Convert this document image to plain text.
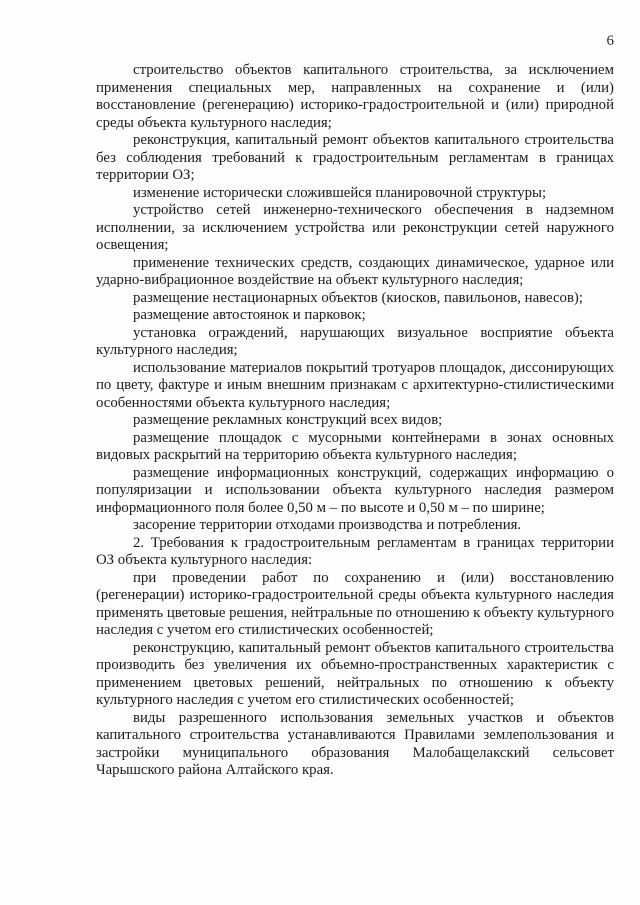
6

строительство объектов капитального строительства, за исключением применения специальных мер, направленных на сохранение и (или) восстановление (регенерацию) историко-градостроительной и (или) природной среды объекта культурного наследия;

реконструкция, капитальный ремонт объектов капитального строительства без соблюдения требований к градостроительным регламентам в границах территории ОЗ;

изменение исторически сложившейся планировочной структуры;

устройство сетей инженерно-технического обеспечения в надземном исполнении, за исключением устройства или реконструкции сетей наружного освещения;

применение технических средств, создающих динамическое, ударное или ударно-вибрационное воздействие на объект культурного наследия;

размещение нестационарных объектов (киосков, павильонов, навесов);

размещение автостоянок и парковок;

установка ограждений, нарушающих визуальное восприятие объекта культурного наследия;

использование материалов покрытий тротуаров площадок, диссонирующих по цвету, фактуре и иным внешним признакам с архитектурно-стилистическими особенностями объекта культурного наследия;

размещение рекламных конструкций всех видов;

размещение площадок с мусорными контейнерами в зонах основных видовых раскрытий на территорию объекта культурного наследия;

размещение информационных конструкций, содержащих информацию о популяризации и использовании объекта культурного наследия размером информационного поля более 0,50 м – по высоте и 0,50 м – по ширине;

засорение территории отходами производства и потребления.

2. Требования к градостроительным регламентам в границах территории ОЗ объекта культурного наследия:

при проведении работ по сохранению и (или) восстановлению (регенерации) историко-градостроительной среды объекта культурного наследия применять цветовые решения, нейтральные по отношению к объекту культурного наследия с учетом его стилистических особенностей;

реконструкцию, капитальный ремонт объектов капитального строительства производить без увеличения их объемно-пространственных характеристик с применением цветовых решений, нейтральных по отношению к объекту культурного наследия с учетом его стилистических особенностей;

виды разрешенного использования земельных участков и объектов капитального строительства устанавливаются Правилами землепользования и застройки муниципального образования Малобащелакский сельсовет Чарышского района Алтайского края.
